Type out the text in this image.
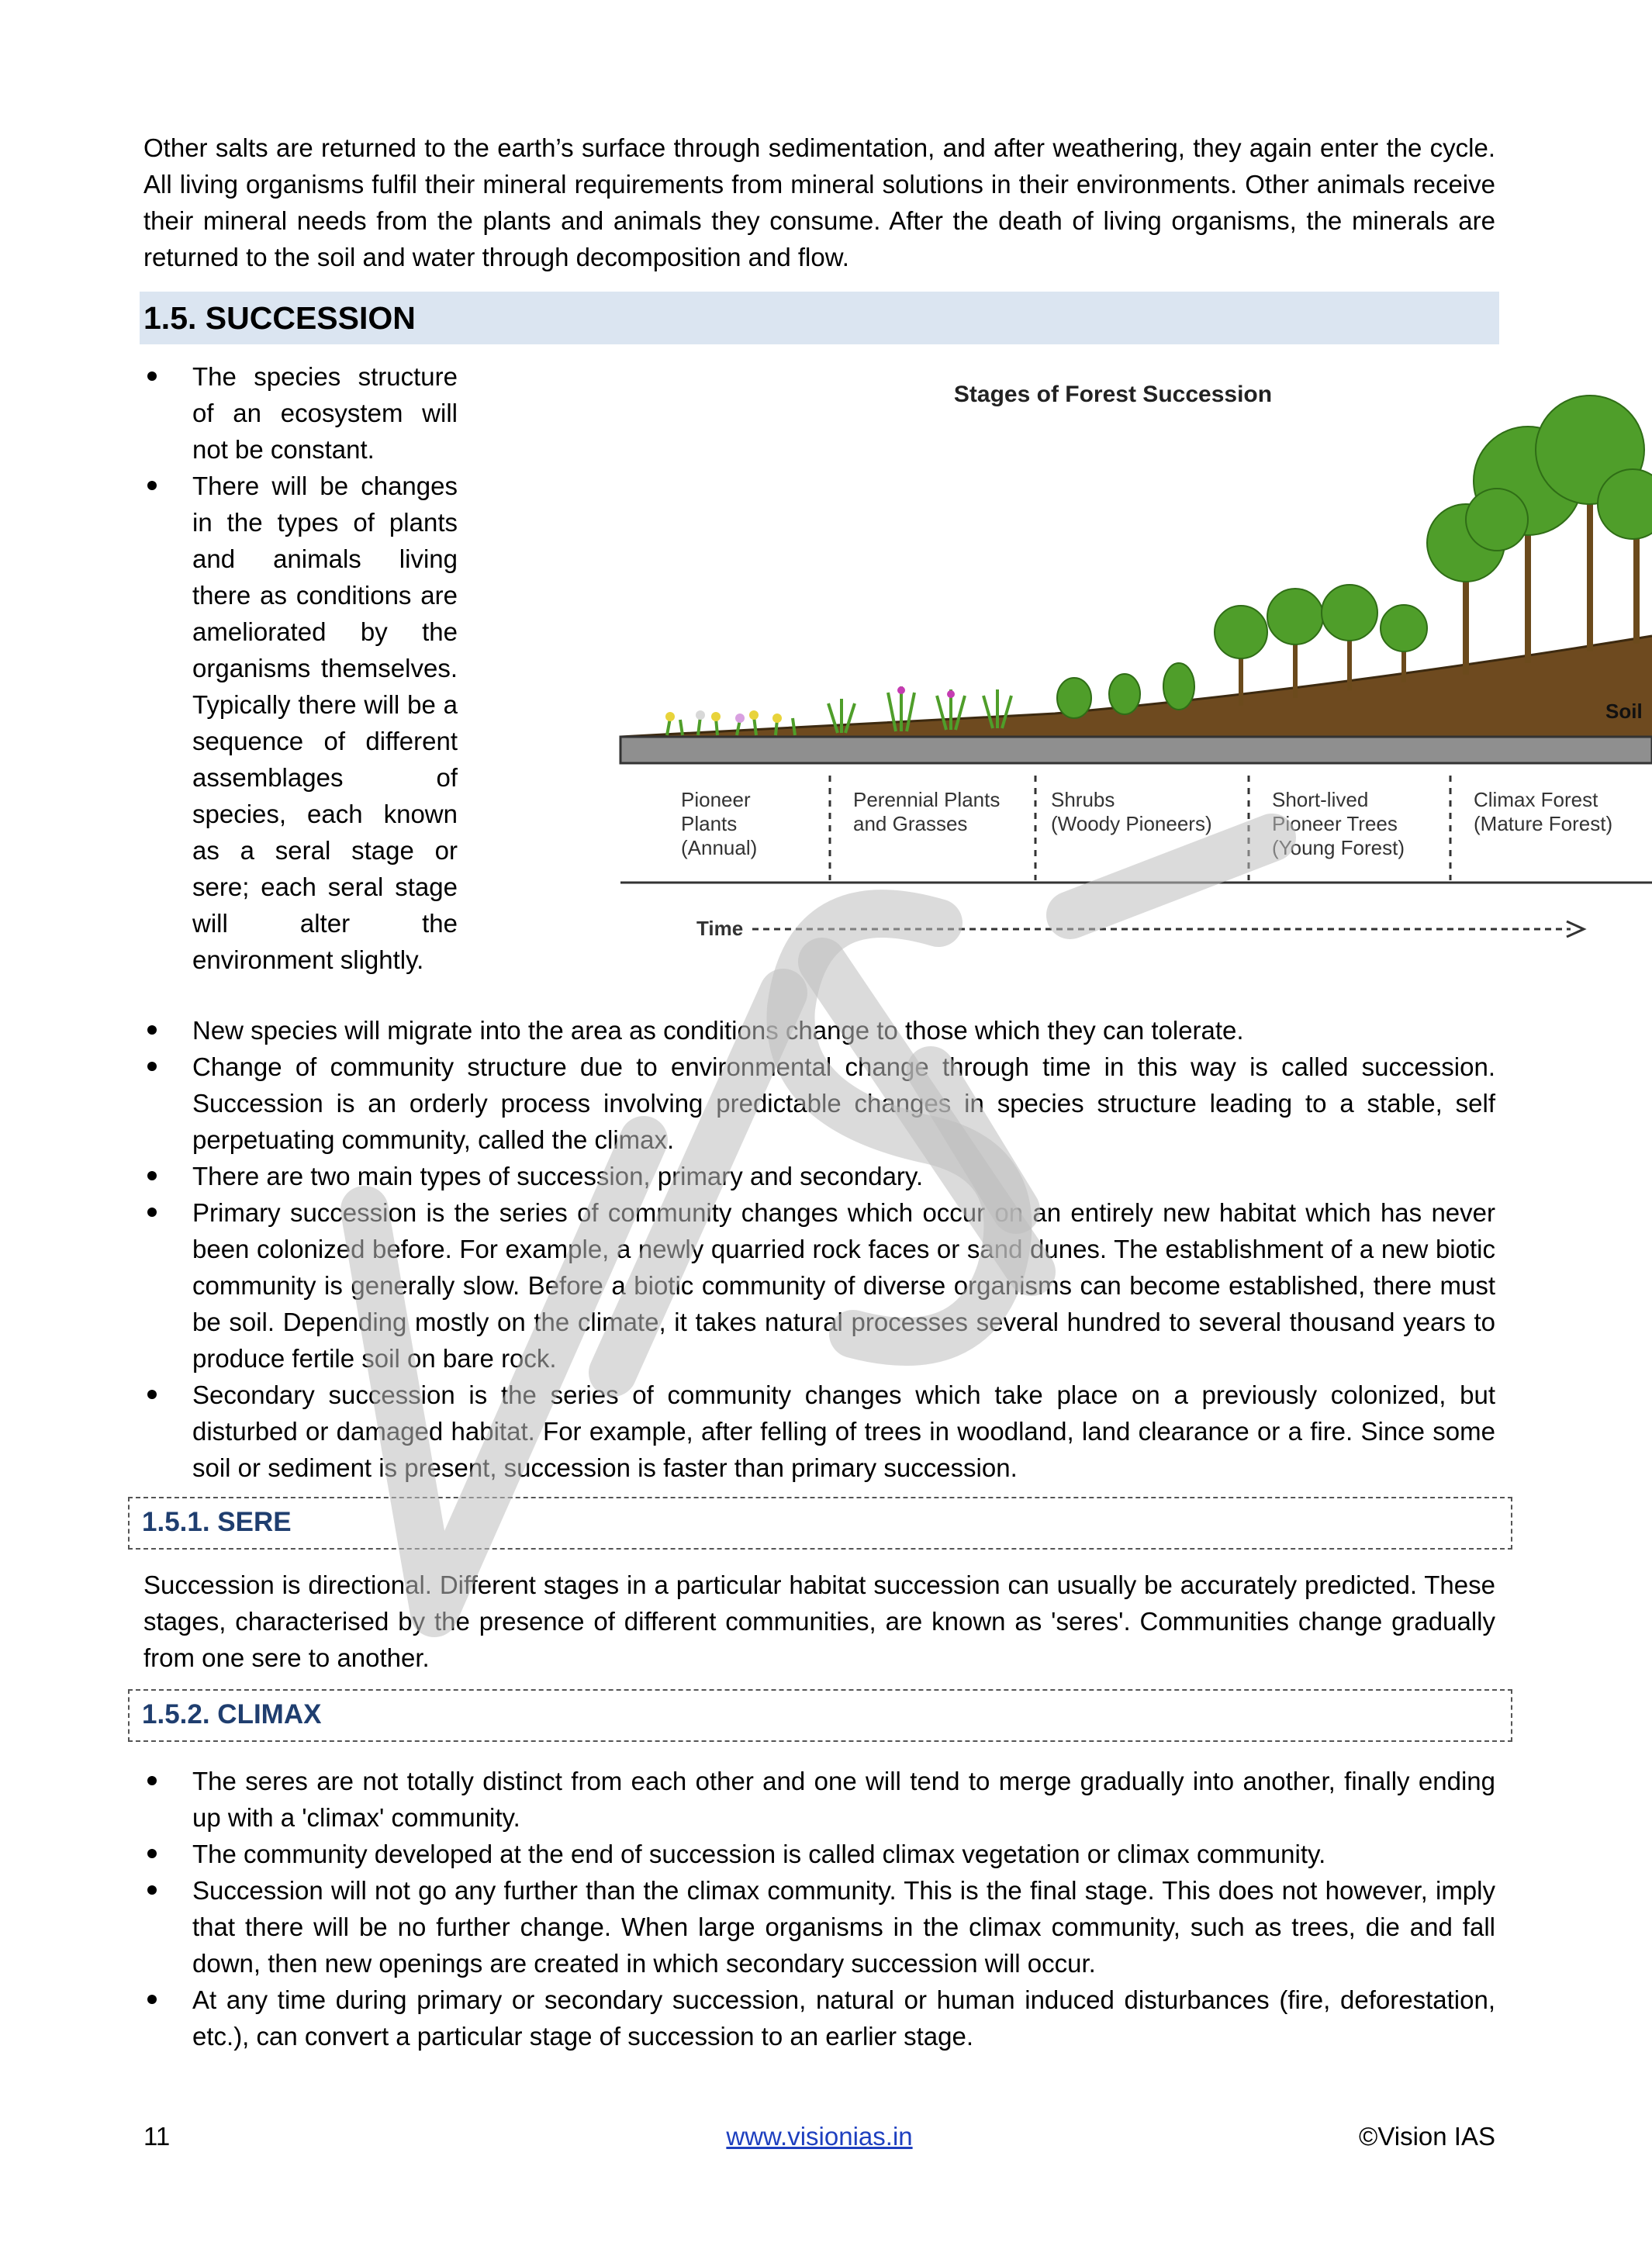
Other salts are returned to the earth’s surface through sedimentation, and after weathering, they again enter the cycle. All living organisms fulfil their mineral requirements from mineral solutions in their environments. Other animals receive their mineral needs from the plants and animals they consume. After the death of living organisms, the minerals are returned to the soil and water through decomposition and flow.

1.5. SUCCESSION
The species structure of an ecosystem will not be constant.
There will be changes in the types of plants and animals living there as conditions are ameliorated by the organisms themselves. Typically there will be a sequence of different assemblages of species, each known as a seral stage or sere; each seral stage will alter the environment slightly.
Stages of Forest Succession
Soil
Pioneer
Plants
(Annual)
Perennial Plants
and Grasses
Shrubs
(Woody Pioneers)
Short-lived
Pioneer Trees
(Young Forest)
Climax Forest
(Mature Forest)
Time
New species will migrate into the area as conditions change to those which they can tolerate.
Change of community structure due to environmental change through time in this way is called succession. Succession is an orderly process involving predictable changes in species structure leading to a stable, self perpetuating community, called the climax.
There are two main types of succession, primary and secondary.
Primary succession is the series of community changes which occur on an entirely new habitat which has never been colonized before. For example, a newly quarried rock faces or sand dunes. The establishment of a new biotic community is generally slow. Before a biotic community of diverse organisms can become established, there must be soil. Depending mostly on the climate, it takes natural processes several hundred to several thousand years to produce fertile soil on bare rock.
Secondary succession is the series of community changes which take place on a previously colonized, but disturbed or damaged habitat. For example, after felling of trees in woodland, land clearance or a fire. Since some soil or sediment is present, succession is faster than primary succession.
1.5.1. SERE

Succession is directional. Different stages in a particular habitat succession can usually be accurately predicted. These stages, characterised by the presence of different communities, are known as 'seres'. Communities change gradually from one sere to another.

1.5.2. CLIMAX
The seres are not totally distinct from each other and one will tend to merge gradually into another, finally ending up with a 'climax' community.
The community developed at the end of succession is called climax vegetation or climax community.
Succession will not go any further than the climax community. This is the final stage. This does not however, imply that there will be no further change. When large organisms in the climax community, such as trees, die and fall down, then new openings are created in which secondary succession will occur.
At any time during primary or secondary succession, natural or human induced disturbances (fire, deforestation, etc.), can convert a particular stage of succession to an earlier stage.
www.visionias.in
11	©Vision IAS
